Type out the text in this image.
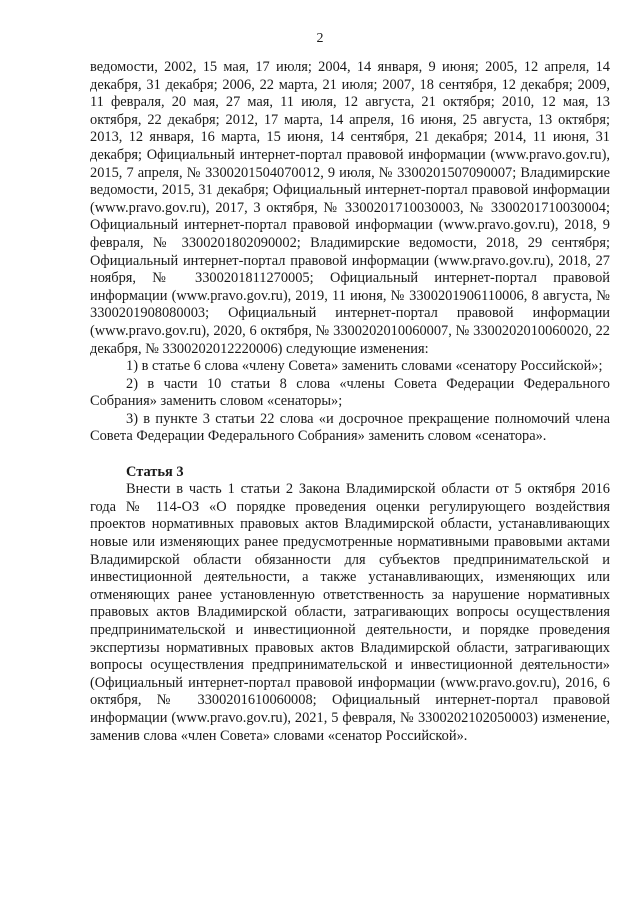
2

ведомости, 2002, 15 мая, 17 июля; 2004, 14 января, 9 июня; 2005, 12 апреля, 14 декабря, 31 декабря; 2006, 22 марта, 21 июля; 2007, 18 сентября, 12 декабря; 2009, 11 февраля, 20 мая, 27 мая, 11 июля, 12 августа, 21 октября; 2010, 12 мая, 13 октября, 22 декабря; 2012, 17 марта, 14 апреля, 16 июня, 25 августа, 13 октября; 2013, 12 января, 16 марта, 15 июня, 14 сентября, 21 декабря; 2014, 11 июня, 31 декабря; Официальный интернет-портал правовой информации (www.pravo.gov.ru), 2015, 7 апреля, № 3300201504070012, 9 июля, № 3300201507090007; Владимирские ведомости, 2015, 31 декабря; Официальный интернет-портал правовой информации (www.pravo.gov.ru), 2017, 3 октября, № 3300201710030003, № 3300201710030004; Официальный интернет-портал правовой информации (www.pravo.gov.ru), 2018, 9 февраля, № 3300201802090002; Владимирские ведомости, 2018, 29 сентября; Официальный интернет-портал правовой информации (www.pravo.gov.ru), 2018, 27 ноября, № 3300201811270005; Официальный интернет-портал правовой информации (www.pravo.gov.ru), 2019, 11 июня, № 3300201906110006, 8 августа, № 3300201908080003; Официальный интернет-портал правовой информации (www.pravo.gov.ru), 2020, 6 октября, № 3300202010060007, № 3300202010060020, 22 декабря, № 3300202012220006) следующие изменения:

1) в статье 6 слова «члену Совета» заменить словами «сенатору Российской»;

2) в части 10 статьи 8 слова «члены Совета Федерации Федерального Собрания» заменить словом «сенаторы»;

3) в пункте 3 статьи 22 слова «и досрочное прекращение полномочий члена Совета Федерации Федерального Собрания» заменить словом «сенатора».

Статья 3

Внести в часть 1 статьи 2 Закона Владимирской области от 5 октября 2016 года № 114-ОЗ «О порядке проведения оценки регулирующего воздействия проектов нормативных правовых актов Владимирской области, устанавливающих новые или изменяющих ранее предусмотренные нормативными правовыми актами Владимирской области обязанности для субъектов предпринимательской и инвестиционной деятельности, а также устанавливающих, изменяющих или отменяющих ранее установленную ответственность за нарушение нормативных правовых актов Владимирской области, затрагивающих вопросы осуществления предпринимательской и инвестиционной деятельности, и порядке проведения экспертизы нормативных правовых актов Владимирской области, затрагивающих вопросы осуществления предпринимательской и инвестиционной деятельности» (Официальный интернет-портал правовой информации (www.pravo.gov.ru), 2016, 6 октября, № 3300201610060008; Официальный интернет-портал правовой информации (www.pravo.gov.ru), 2021, 5 февраля, № 3300202102050003) изменение, заменив слова «член Совета» словами «сенатор Российской».
